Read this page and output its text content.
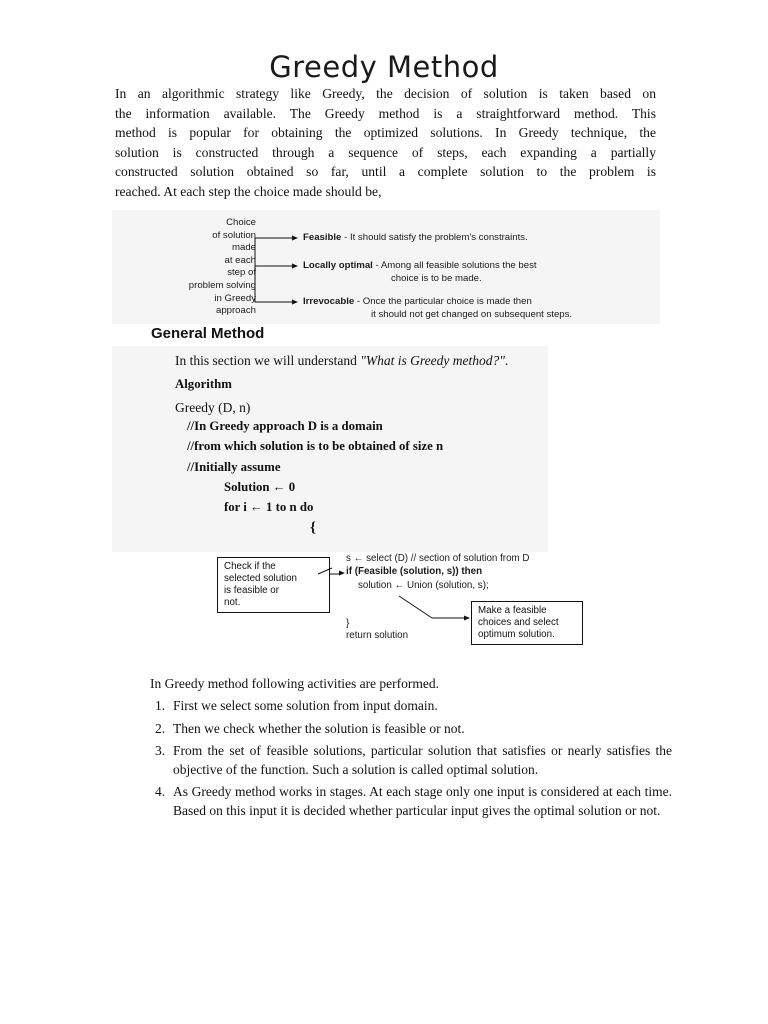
Greedy Method
In an algorithmic strategy like Greedy, the decision of solution is taken based on
the information available. The Greedy method is a straightforward method. This
method is popular for obtaining the optimized solutions. In Greedy technique, the
solution is constructed through a sequence of steps, each expanding a partially
constructed solution obtained so far, until a complete solution to the problem is
reached. At each step the choice made should be,
Choice
of solution
made
at each
step of
problem solving
in Greedy
approach
Feasible - It should satisfy the problem's constraints.
Locally optimal - Among all feasible solutions the best
choice is to be made.
Irrevocable - Once the particular choice is made then
it should not get changed on subsequent steps.
General Method
In this section we will understand "What is Greedy method?".
Algorithm
Greedy (D, n)
//In Greedy approach D is a domain
//from which solution is to be obtained of size n
//Initially assume
Solution ← 0
for i ← 1 to n do
{
s ← select (D) // section of solution from D
if (Feasible (solution, s)) then
solution ← Union (solution, s);
}
return solution
Check if the
selected solution
is feasible or
not.
Make a feasible
choices and select
optimum solution.
In Greedy method following activities are performed.
1. First we select some solution from input domain.
2. Then we check whether the solution is feasible or not.
3. From the set of feasible solutions, particular solution that satisfies or nearly satisfies the objective of the function. Such a solution is called optimal solution.
4. As Greedy method works in stages. At each stage only one input is considered at each time. Based on this input it is decided whether particular input gives the optimal solution or not.
